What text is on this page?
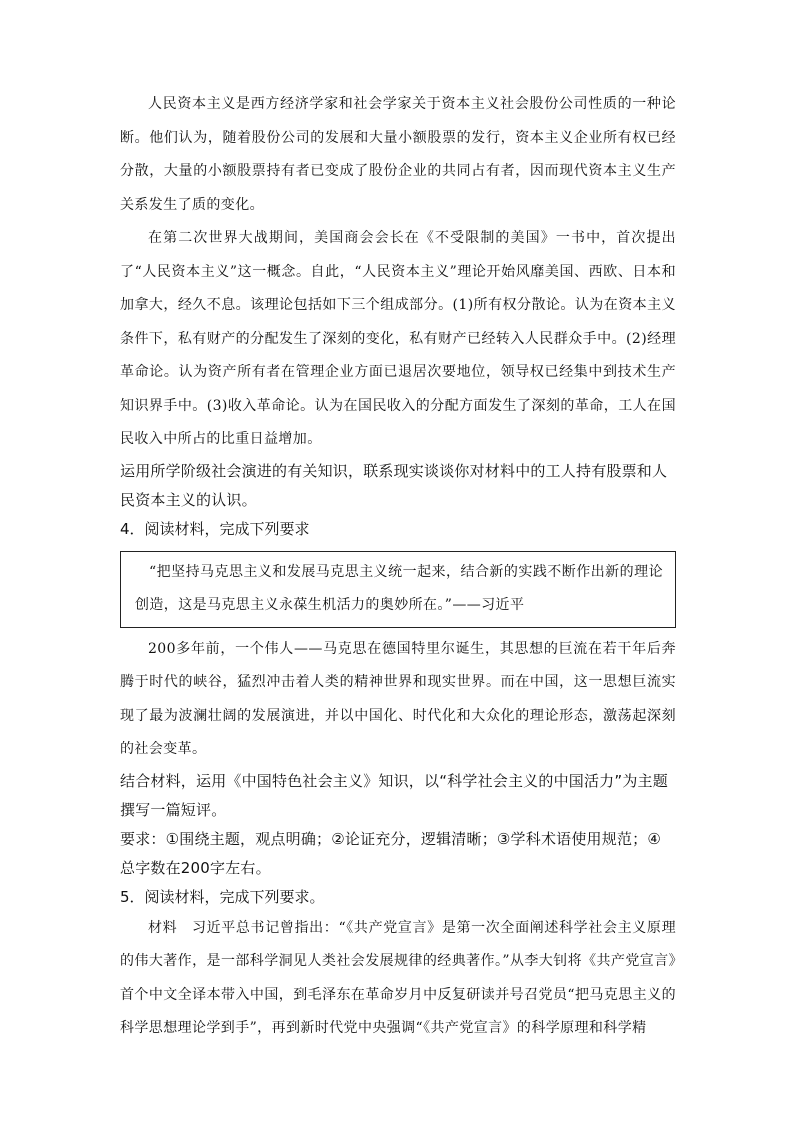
人民资本主义是西方经济学家和社会学家关于资本主义社会股份公司性质的一种论断。他们认为，随着股份公司的发展和大量小额股票的发行，资本主义企业所有权已经分散，大量的小额股票持有者已变成了股份企业的共同占有者，因而现代资本主义生产关系发生了质的变化。

在第二次世界大战期间，美国商会会长在《不受限制的美国》一书中，首次提出了“人民资本主义”这一概念。自此，“人民资本主义”理论开始风靡美国、西欧、日本和加拿大，经久不息。该理论包括如下三个组成部分。(1)所有权分散论。认为在资本主义条件下，私有财产的分配发生了深刻的变化，私有财产已经转入人民群众手中。(2)经理革命论。认为资产所有者在管理企业方面已退居次要地位，领导权已经集中到技术生产知识界手中。(3)收入革命论。认为在国民收入的分配方面发生了深刻的革命，工人在国民收入中所占的比重日益增加。

运用所学阶级社会演进的有关知识，联系现实谈谈你对材料中的工人持有股票和人民资本主义的认识。

4．阅读材料，完成下列要求

“把坚持马克思主义和发展马克思主义统一起来，结合新的实践不断作出新的理论创造，这是马克思主义永葆生机活力的奥妙所在。”——习近平

200多年前，一个伟人——马克思在德国特里尔诞生，其思想的巨流在若干年后奔腾于时代的峡谷，猛烈冲击着人类的精神世界和现实世界。而在中国，这一思想巨流实现了最为波澜壮阔的发展演进，并以中国化、时代化和大众化的理论形态，激荡起深刻的社会变革。

结合材料，运用《中国特色社会主义》知识，以“科学社会主义的中国活力”为主题撰写一篇短评。

要求：①围绕主题，观点明确；②论证充分，逻辑清晰；③学科术语使用规范；④总字数在200字左右。

5．阅读材料，完成下列要求。

材料　习近平总书记曾指出：“《共产党宣言》是第一次全面阐述科学社会主义原理的伟大著作，是一部科学洞见人类社会发展规律的经典著作。”从李大钊将《共产党宣言》首个中文全译本带入中国，到毛泽东在革命岁月中反复研读并号召党员“把马克思主义的科学思想理论学到手”，再到新时代党中央强调“《共产党宣言》的科学原理和科学精
